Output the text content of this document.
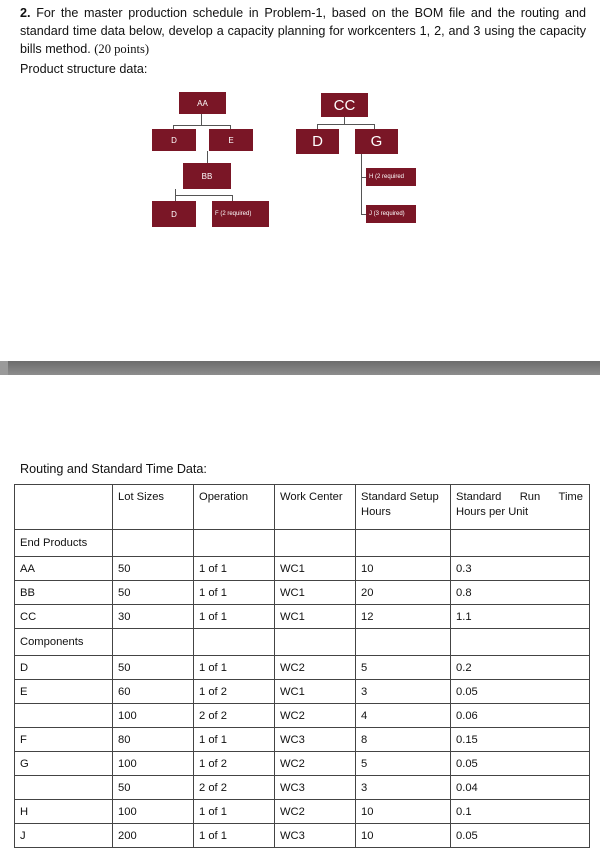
2. For the master production schedule in Problem-1, based on the BOM file and the routing and standard time data below, develop a capacity planning for workcenters 1, 2, and 3 using the capacity bills method. (20 points)
Product structure data:
AA
D	E
BB
D	F (2 required)
CC
D	G
H (2 required
J (3 required)
Routing and Standard Time Data:
	Lot Sizes	Operation	Work Center	Standard Setup Hours	Standard Run Time
Hours per Unit

End Products					
AA	50	1 of 1	WC1	10	0.3
BB	50	1 of 1	WC1	20	0.8
CC	30	1 of 1	WC1	12	1.1
Components					
D	50	1 of 1	WC2	5	0.2
E	60	1 of 2	WC1	3	0.05
	100	2 of 2	WC2	4	0.06
F	80	1 of 1	WC3	8	0.15
G	100	1 of 2	WC2	5	0.05
	50	2 of 2	WC3	3	0.04
H	100	1 of 1	WC2	10	0.1
J	200	1 of 1	WC3	10	0.05
